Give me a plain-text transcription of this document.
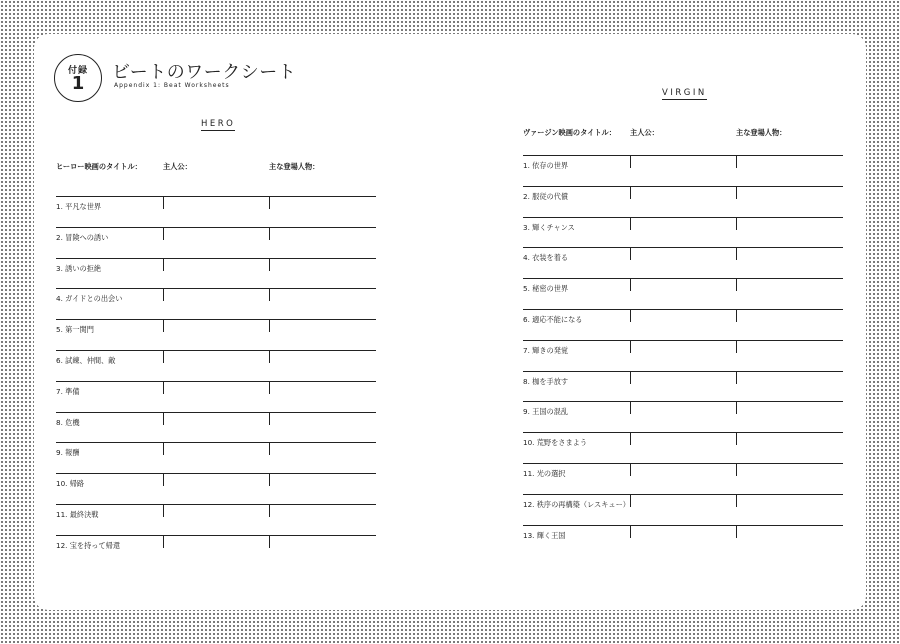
付録
1
ビートのワークシート
Appendix 1: Beat Worksheets
HERO
VIRGIN
ヒーロー映画のタイトル：	主人公：	主な登場人物：
1. 平凡な世界
2. 冒険への誘い
3. 誘いの拒絶
4. ガイドとの出会い
5. 第一関門
6. 試練、仲間、敵
7. 準備
8. 危機
9. 報酬
10. 帰路
11. 最終決戦
12. 宝を持って帰還
ヴァージン映画のタイトル： 主人公：	主な登場人物：
1. 依存の世界
2. 服従の代償
3. 輝くチャンス
4. 衣装を着る
5. 秘密の世界
6. 適応不能になる
7. 輝きの発覚
8. 枷を手放す
9. 王国の混乱
10. 荒野をさまよう
11. 光の選択
12. 秩序の再構築（レスキュー）
13. 輝く王国
